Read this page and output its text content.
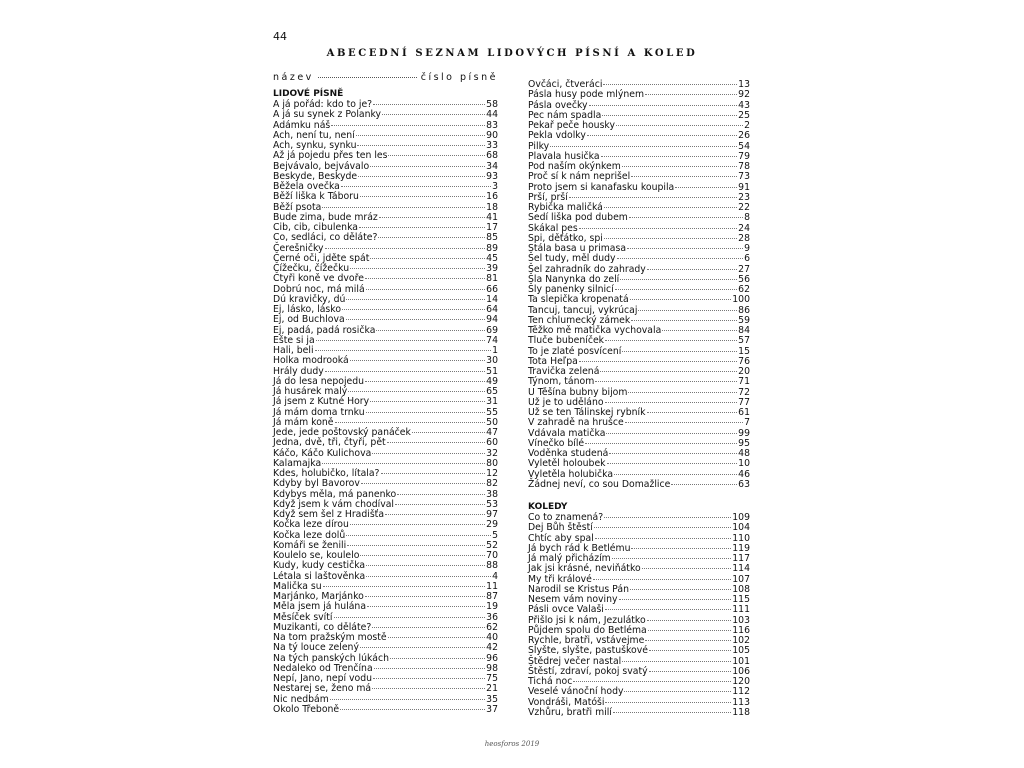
44
ABECEDNÍ SEZNAM LIDOVÝCH PÍSNÍ A KOLED
název	číslo písně
LIDOVÉ PÍSNĚ
A já pořád: kdo to je?	58
A já su synek z Polanky	44
Adámku náš	83
Ach, není tu, není	90
Ach, synku, synku	33
Až já pojedu přes ten les	68
Bejvávalo, bejvávalo	34
Beskyde, Beskyde	93
Běžela ovečka	3
Běží liška k Táboru	16
Běží psota	18
Bude zima, bude mráz	41
Cib, cib, cibulenka	17
Co, sedláci, co děláte?	85
Čerešničky	89
Černé oči, jděte spát	45
Čížečku, čížečku	39
Čtyři koně ve dvoře	81
Dobrú noc, má milá	66
Dú kravičky, dú	14
Ej, lásko, lásko	64
Ej, od Buchlova	94
Ej, padá, padá rosička	69
Ešte si ja	74
Hali, beli	1
Holka modrooká	30
Hrály dudy	51
Já do lesa nepojedu	49
Já husárek malý	65
Já jsem z Kutné Hory	31
Já mám doma trnku	55
Já mám koně	50
Jede, jede poštovský panáček	47
Jedna, dvě, tři, čtyři, pět	60
Káčo, Káčo Kulichova	32
Kalamajka	80
Kdes, holubičko, lítala?	12
Kdyby byl Bavorov	82
Kdybys měla, má panenko	38
Když jsem k vám chodíval	53
Když sem šel z Hradišťa	97
Kočka leze dírou	29
Kočka leze dolů	5
Komáři se ženili	52
Koulelo se, koulelo	70
Kudy, kudy cestička	88
Létala si laštověnka	4
Malička su	11
Marjánko, Marjánko	87
Měla jsem já hulána	19
Měsíček svítí	36
Muzikanti, co děláte?	62
Na tom pražským mostě	40
Na tý louce zelený	42
Na tých panských lúkách	96
Nedaleko od Trenčína	98
Nepí, Jano, nepí vodu	75
Nestarej se, ženo má	21
Nic nedbám	35
Okolo Třeboně	37
Ovčáci, čtveráci	13
Pásla husy pode mlýnem	92
Pásla ovečky	43
Pec nám spadla	25
Pekař peče housky	2
Pekla vdolky	26
Pilky	54
Plavala husička	79
Pod naším okýnkem	78
Proč sí k nám neprišel	73
Proto jsem si kanafasku koupila	91
Prší, prší	23
Rybička maličká	22
Sedí liška pod dubem	8
Skákal pes	24
Spi, děťátko, spi	28
Stála basa u primasa	9
Šel tudy, měl dudy	6
Šel zahradník do zahrady	27
Šla Nanynka do zelí	56
Šly panenky silnicí	62
Ta slepička kropenatá	100
Tancuj, tancuj, vykrúcaj	86
Ten chlumecký zámek	59
Těžko mě matička vychovala	84
Tluče bubeníček	57
To je zlaté posvícení	15
Tota Heľpa	76
Travička zelená	20
Týnom, tánom	71
U Těšína bubny bijom	72
Už je to uděláno	77
Už se ten Tálinskej rybník	61
V zahradě na hrušce	7
Vdávala matička	99
Vínečko bílé	95
Voděnka studená	48
Vyletěl holoubek	10
Vyletěla holubička	46
Žádnej neví, co sou Domažlice	63
KOLEDY
Co to znamená?	109
Dej Bůh štěstí	104
Chtíc aby spal	110
Já bych rád k Betlému	119
Já malý přicházím	117
Jak jsi krásné, neviňátko	114
My tři králové	107
Narodil se Kristus Pán	108
Nesem vám noviny	115
Pásli ovce Valaši	111
Přišlo jsi k nám, Jezulátko	103
Půjdem spolu do Betléma	116
Rychle, bratři, vstávejme	102
Slyšte, slyšte, pastuškové	105
Štědrej večer nastal	101
Štěstí, zdraví, pokoj svatý	106
Tichá noc	120
Veselé vánoční hody	112
Vondráši, Matóši	113
Vzhůru, bratři milí	118
heosforos 2019
